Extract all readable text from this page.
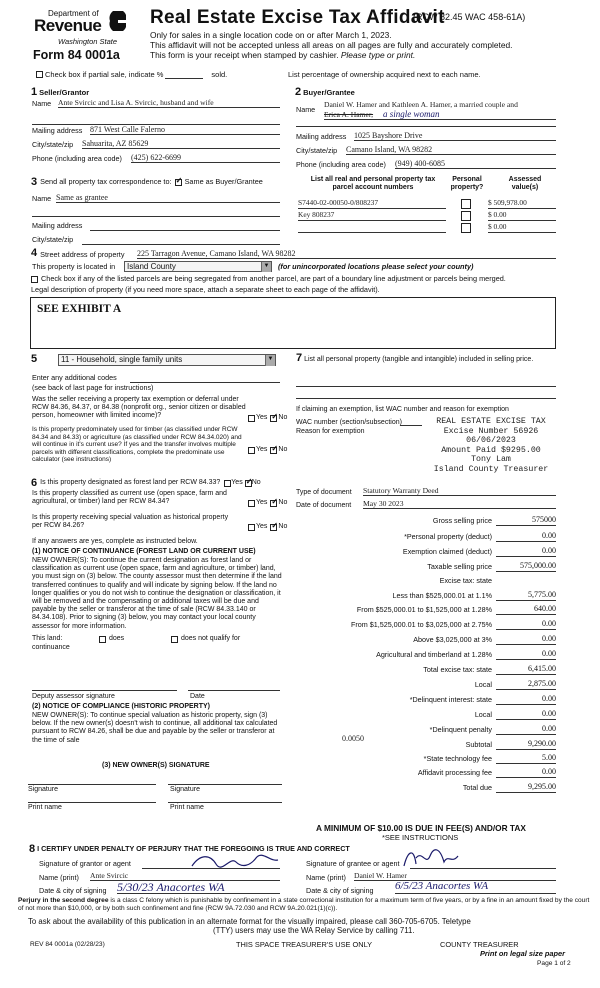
Department of
Revenue
Washington State
Form 84 0001a
Real Estate Excise Tax Affidavit
(RCW 82.45 WAC 458-61A)
Only for sales in a single location code on or after March 1, 2023.
This affidavit will not be accepted unless all areas on all pages are fully and accurately completed.
This form is your receipt when stamped by cashier. Please type or print.
Check box if partial sale, indicate %	sold.	List percentage of ownership acquired next to each name.
1 Seller/Grantor
Name Ante Svircic and Lisa A. Svircic, husband and wife
Mailing address 871 West Calle Falerno
City/state/zip Sahuarita, AZ 85629
Phone (including area code) (425) 622-6699
2 Buyer/Grantee
Daniel W. Hamer and Kathleen A. Hamer, a married couple and
Name
Erica A. Hamer, a single woman
Mailing address 1025 Bayshore Drive
City/state/zip Camano Island, WA 98282
Phone (including area code) (949) 400-6085
3 Send all property tax correspondence to: ✓ Same as Buyer/Grantee
Name Same as grantee
Mailing address
City/state/zip
List all real and personal property tax parcel account numbers
Personal property?
Assessed value(s)
S7440-02-00050-0/808237	$ 509,978.00
Key 808237	$ 0.00
$ 0.00
4 Street address of property 225 Tarragon Avenue, Camano Island, WA 98282
This property is located in Island County	▼ (for unincorporated locations please select your county)
Check box if any of the listed parcels are being segregated from another parcel, are part of a boundary line adjustment or parcels being merged.
Legal description of property (if you need more space, attach a separate sheet to each page of the affidavit).
SEE EXHIBIT A
5	11 - Household, single family units	▼
Enter any additional codes
(see back of last page for instructions)
Was the seller receiving a property tax exemption or deferral under RCW 84.36, 84.37, or 84.38 (nonprofit org., senior citizen or disabled person, homeowner with limited income)?	Yes ✓ No
Is this property predominately used for timber (as classified under RCW 84.34 and 84.33) or agriculture (as classified under RCW 84.34.020) and will continue in it's current use? If yes and the transfer involves multiple parcels with different classifications, complete the predominate use calculator (see instructions)
Yes ✓ No
6 Is this property designated as forest land per RCW 84.33? Yes ✓ No
Is this property classified as current use (open space, farm and agricultural, or timber) land per RCW 84.34?	Yes ✓ No
Is this property receiving special valuation as historical property per RCW 84.26?	Yes ✓ No
If any answers are yes, complete as instructed below.
(1) NOTICE OF CONTINUANCE (FOREST LAND OR CURRENT USE)
NEW OWNER(S): To continue the current designation as forest land or classification as current use (open space, farm and agriculture, or timber) land, you must sign on (3) below. The county assessor must then determine if the land transferred continues to qualify and will indicate by signing below. If the land no longer qualifies or you do not wish to continue the designation or classification, it will be removed and the compensating or additional taxes will be due and payable by the seller or transferor at the time of sale (RCW 84.33.140 or 84.34.108). Prior to signing (3) below, you may contact your local county assessor for more information.
This land:	does	does not qualify for
continuance
Deputy assessor signature	Date
(2) NOTICE OF COMPLIANCE (HISTORIC PROPERTY)
NEW OWNER(S): To continue special valuation as historic property, sign (3) below. If the new owner(s) doesn't wish to continue, all additional tax calculated pursuant to RCW 84.26, shall be due and payable by the seller or transferor at the time of sale
(3) NEW OWNER(S) SIGNATURE
Signature	Signature
Print name	Print name
7 List all personal property (tangible and intangible) included in selling price.
If claiming an exemption, list WAC number and reason for exemption
WAC number (section/subsection)
Reason for exemption
REAL ESTATE EXCISE TAX
Excise Number 56926
06/06/2023
Amount Paid $9295.00
Tony Lam
Island County Treasurer
Type of document Statutory Warranty Deed
Date of document May 30 2023
Gross selling price	575000
*Personal property (deduct)	0.00
Exemption claimed (deduct)	0.00
Taxable selling price	575,000.00
Excise tax: state
Less than $525,000.01 at 1.1%	5,775.00
From $525,000.01 to $1,525,000 at 1.28%	640.00
From $1,525,000.01 to $3,025,000 at 2.75%	0.00
Above $3,025,000 at 3%	0.00
Agricultural and timberland at 1.28%	0.00
Total excise tax: state	6,415.00
Local	2,875.00
*Delinquent interest: state	0.00
Local	0.00
*Delinquent penalty	0.00
Subtotal	9,290.00
*State technology fee	5.00
Affidavit processing fee	0.00
Total due	9,295.00
0.0050
A MINIMUM OF $10.00 IS DUE IN FEE(S) AND/OR TAX
*SEE INSTRUCTIONS
8 I CERTIFY UNDER PENALTY OF PERJURY THAT THE FOREGOING IS TRUE AND CORRECT
Signature of grantor or agent
Name (print) Ante Svircic
Date & city of signing 5/30/23 Anacortes WA
Signature of grantee or agent
Name (print) Daniel W. Hamer
Date & city of signing 6/5/23 Anacortes WA
Perjury in the second degree is a class C felony which is punishable by confinement in a state correctional institution for a maximum term of five years, or by a fine in an amount fixed by the court of not more than $10,000, or by both such confinement and fine (RCW 9A.72.030 and RCW 9A.20.021(1)(c)).
To ask about the availability of this publication in an alternate format for the visually impaired, please call 360-705-6705. Teletype
(TTY) users may use the WA Relay Service by calling 711.
REV 84 0001a (02/28/23)	THIS SPACE TREASURER'S USE ONLY	COUNTY TREASURER
Print on legal size paper
Page 1 of 2
